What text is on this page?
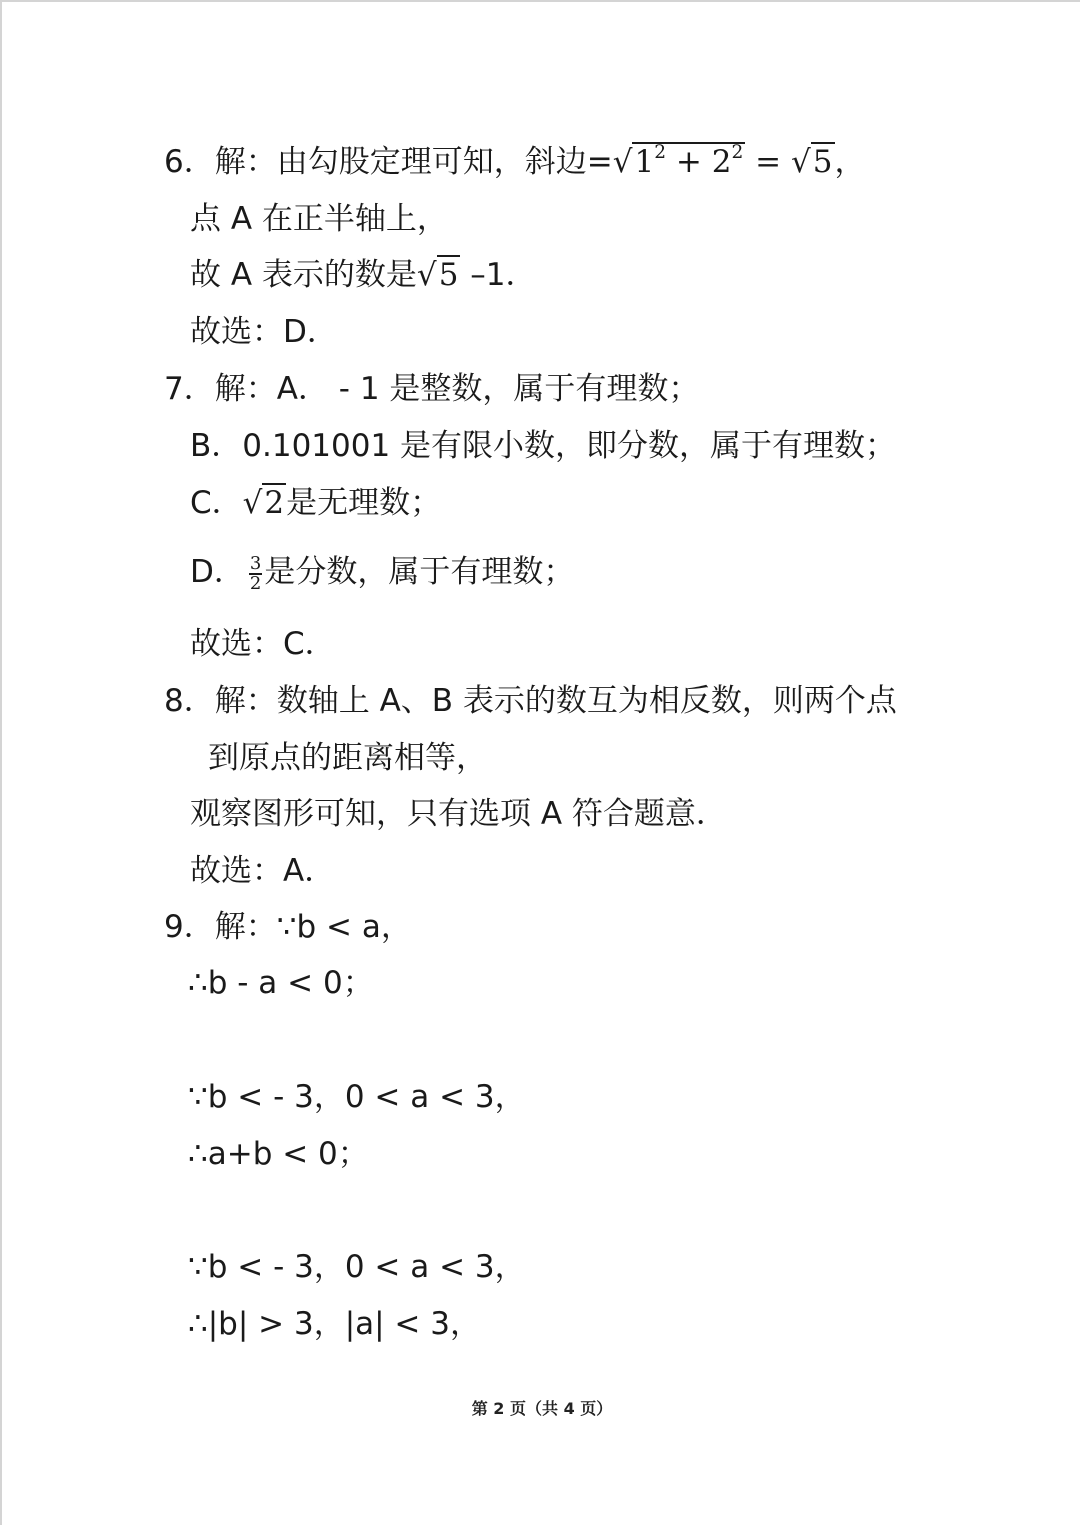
6．解：由勾股定理可知，斜边$=√1^2 + 2^2 = √5$，
点 A 在正半轴上，
故 A 表示的数是√5 –1．
故选：D．
7．解：A． - 1 是整数，属于有理数；
B．0.101001 是有限小数，即分数，属于有理数；
C．√2是无理数；
D． $\frac{3}{2}$ 是分数，属于有理数；
故选：C．
8．解：数轴上 A、B 表示的数互为相反数，则两个点
到原点的距离相等，
观察图形可知，只有选项 A 符合题意．
故选：A．
9．解：∵b < a，
∴b - a < 0；
∵b < - 3，0 < a < 3，
∴a+b < 0；
∵b < - 3，0 < a < 3，
∴|b| > 3，|a| < 3，
第 2 页（共 4 页）
